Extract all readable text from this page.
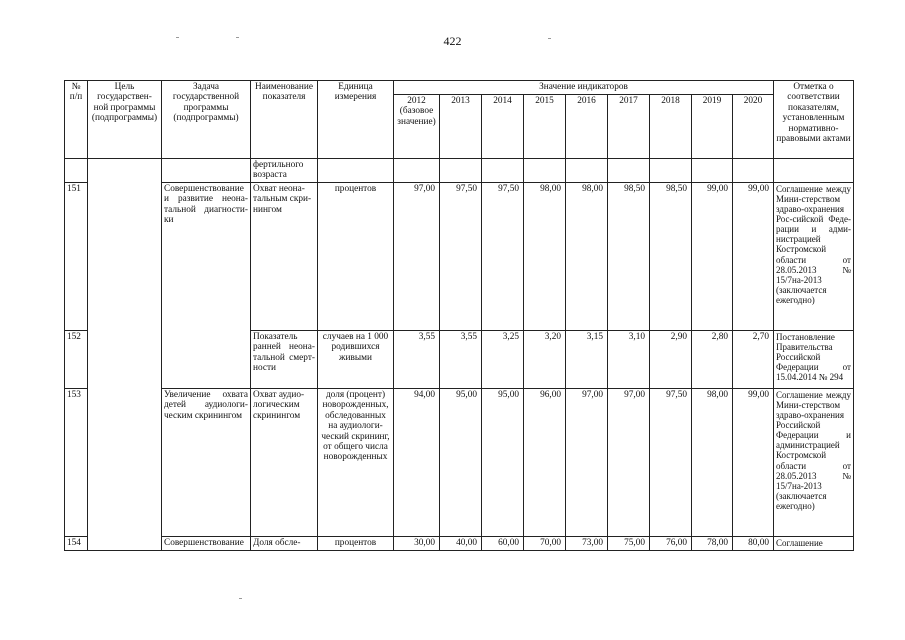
422
№ п/п	Цель государствен-ной программы (подпрограммы)	Задача государственной программы (подпрограммы)	Наименование показателя	Единица измерения	Значение индикаторов									Отметка о соответствии показателям, установленным нормативно-правовыми актами
					2012 (базовое значение)	2013	2014	2015	2016	2017	2018	2019	2020	
			фертильного возраста											
151		Совершенствование и развитие неона-тальной диагности-ки	Охват неона-тальным скри-нингом	процентов	97,00	97,50	97,50	98,00	98,00	98,50	98,50	99,00	99,00	Соглашение между Мини-стерством здраво-охранения Рос-сийской Феде-рации и адми-нистрацией Костромской области от 28.05.2013 № 15/7на-2013 (заключается ежегодно)
152			Показатель ранней неона-тальной смерт-ности	случаев на 1 000 родившихся живыми	3,55	3,55	3,25	3,20	3,15	3,10	2,90	2,80	2,70	Постановление Правительства Российской Федерации от 15.04.2014 № 294
153		Увеличение охвата детей аудиологи-ческим скринингом	Охват аудио-логическим скринингом	доля (процент) новорожденных, обследованных на аудиологи-ческий скрининг, от общего числа новорожденных	94,00	95,00	95,00	96,00	97,00	97,00	97,50	98,00	99,00	Соглашение между Мини-стерством здраво-охранения Российской Федерации и администрацией Костромской области от 28.05.2013 № 15/7на-2013 (заключается ежегодно)
154		Совершенствование	Доля обсле-	процентов	30,00	40,00	60,00	70,00	73,00	75,00	76,00	78,00	80,00	Соглашение
